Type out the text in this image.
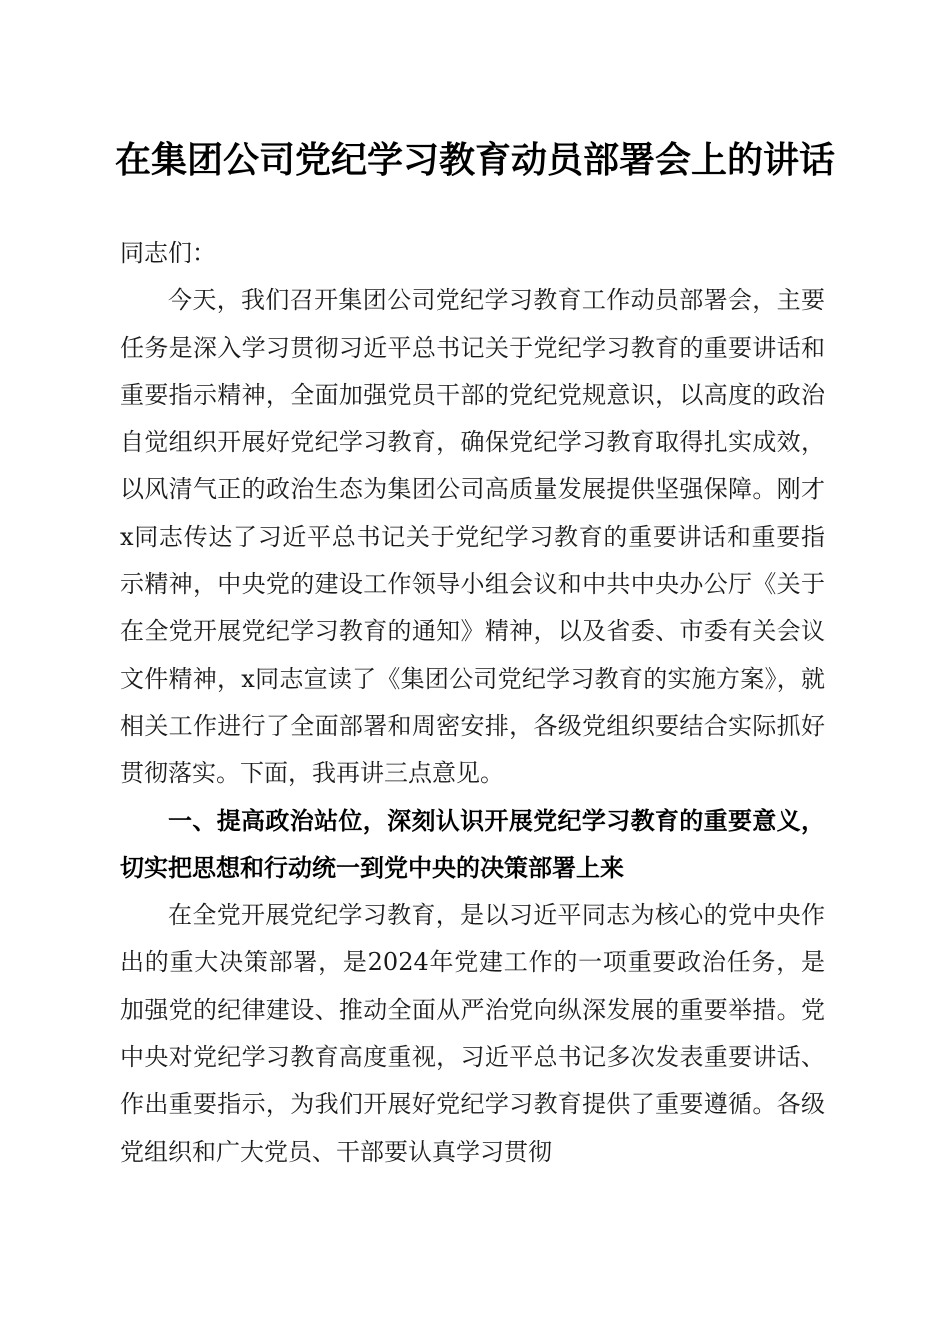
在集团公司党纪学习教育动员部署会上的讲话

同志们：

今天，我们召开集团公司党纪学习教育工作动员部署会，主要任务是深入学习贯彻习近平总书记关于党纪学习教育的重要讲话和重要指示精神，全面加强党员干部的党纪党规意识，以高度的政治自觉组织开展好党纪学习教育，确保党纪学习教育取得扎实成效，以风清气正的政治生态为集团公司高质量发展提供坚强保障。刚才x同志传达了习近平总书记关于党纪学习教育的重要讲话和重要指示精神，中央党的建设工作领导小组会议和中共中央办公厅《关于在全党开展党纪学习教育的通知》精神，以及省委、市委有关会议文件精神，x同志宣读了《集团公司党纪学习教育的实施方案》，就相关工作进行了全面部署和周密安排，各级党组织要结合实际抓好贯彻落实。下面，我再讲三点意见。

一、提高政治站位，深刻认识开展党纪学习教育的重要意义，切实把思想和行动统一到党中央的决策部署上来

在全党开展党纪学习教育，是以习近平同志为核心的党中央作出的重大决策部署，是2024年党建工作的一项重要政治任务，是加强党的纪律建设、推动全面从严治党向纵深发展的重要举措。党中央对党纪学习教育高度重视，习近平总书记多次发表重要讲话、作出重要指示，为我们开展好党纪学习教育提供了重要遵循。各级党组织和广大党员、干部要认真学习贯彻
